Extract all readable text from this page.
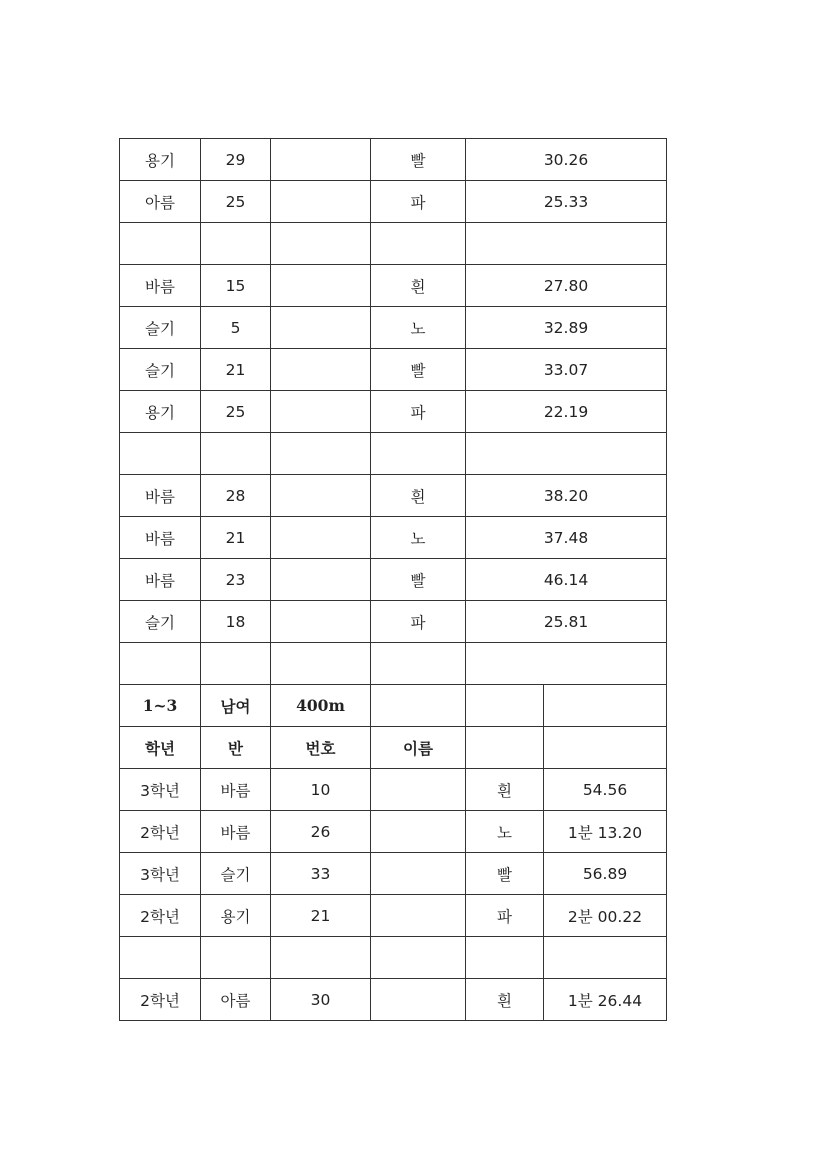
용기	29		빨	30.26	
아름	25		파	25.33	

바름	15		흰	27.80	
슬기	5		노	32.89	
슬기	21		빨	33.07	
용기	25		파	22.19	

바름	28		흰	38.20	
바름	21		노	37.48	
바름	23		빨	46.14	
슬기	18		파	25.81	

1~3	남여	400m			
학년	반	번호	이름		
3학년	바름	10		흰	54.56
2학년	바름	26		노	1분 13.20
3학년	슬기	33		빨	56.89
2학년	용기	21		파	2분 00.22

2학년	아름	30		흰	1분 26.44
